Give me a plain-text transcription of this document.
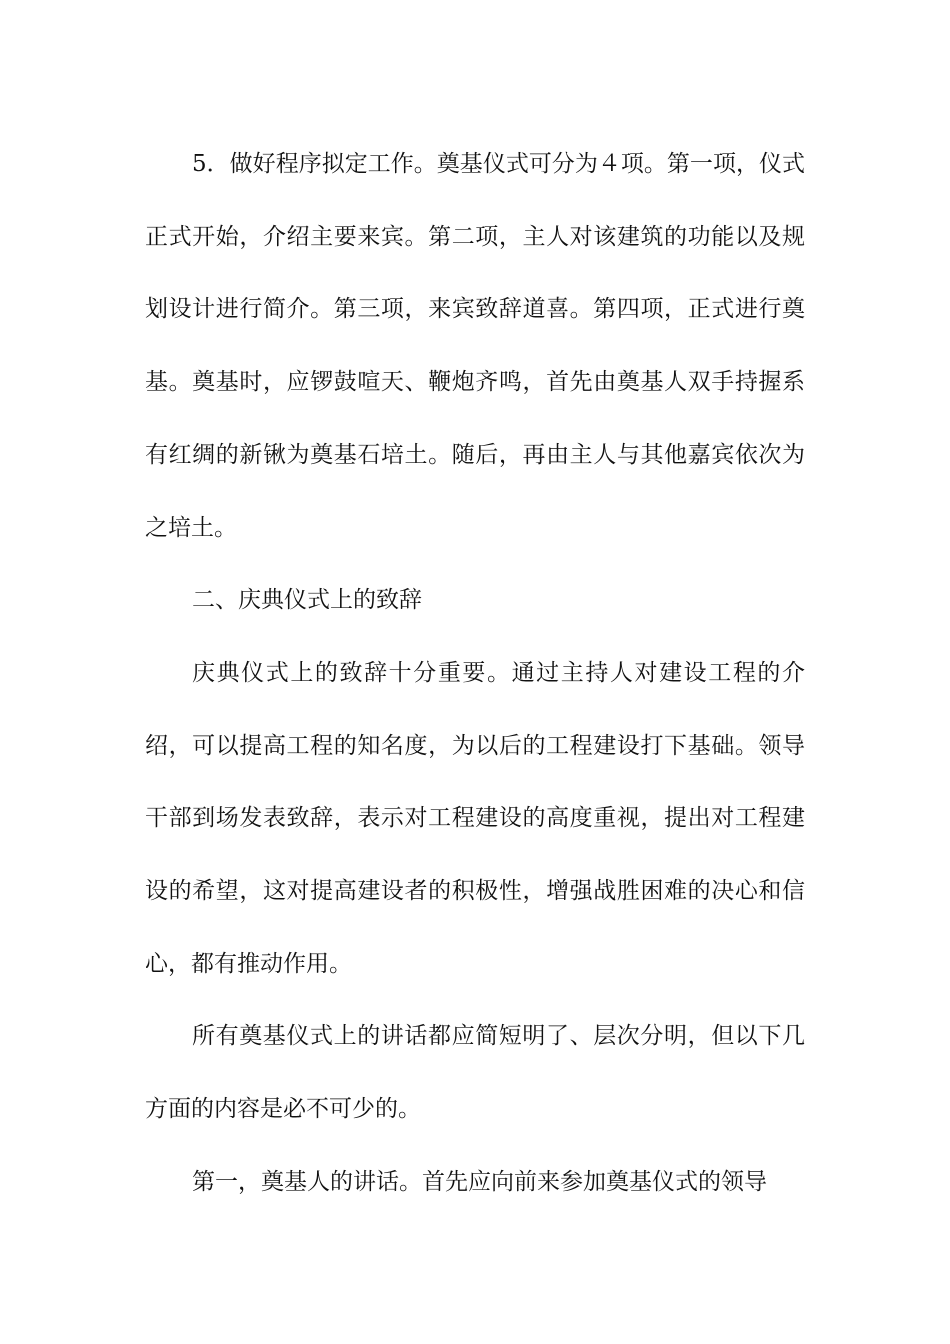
5．做好程序拟定工作。奠基仪式可分为４项。第一项，仪式正式开始，介绍主要来宾。第二项，主人对该建筑的功能以及规划设计进行简介。第三项，来宾致辞道喜。第四项，正式进行奠基。奠基时，应锣鼓喧天、鞭炮齐鸣，首先由奠基人双手持握系有红绸的新锹为奠基石培土。随后，再由主人与其他嘉宾依次为之培土。

二、庆典仪式上的致辞

庆典仪式上的致辞十分重要。通过主持人对建设工程的介绍，可以提高工程的知名度，为以后的工程建设打下基础。领导干部到场发表致辞，表示对工程建设的高度重视，提出对工程建设的希望，这对提高建设者的积极性，增强战胜困难的决心和信心，都有推动作用。

所有奠基仪式上的讲话都应简短明了、层次分明，但以下几方面的内容是必不可少的。

第一，奠基人的讲话。首先应向前来参加奠基仪式的领导
